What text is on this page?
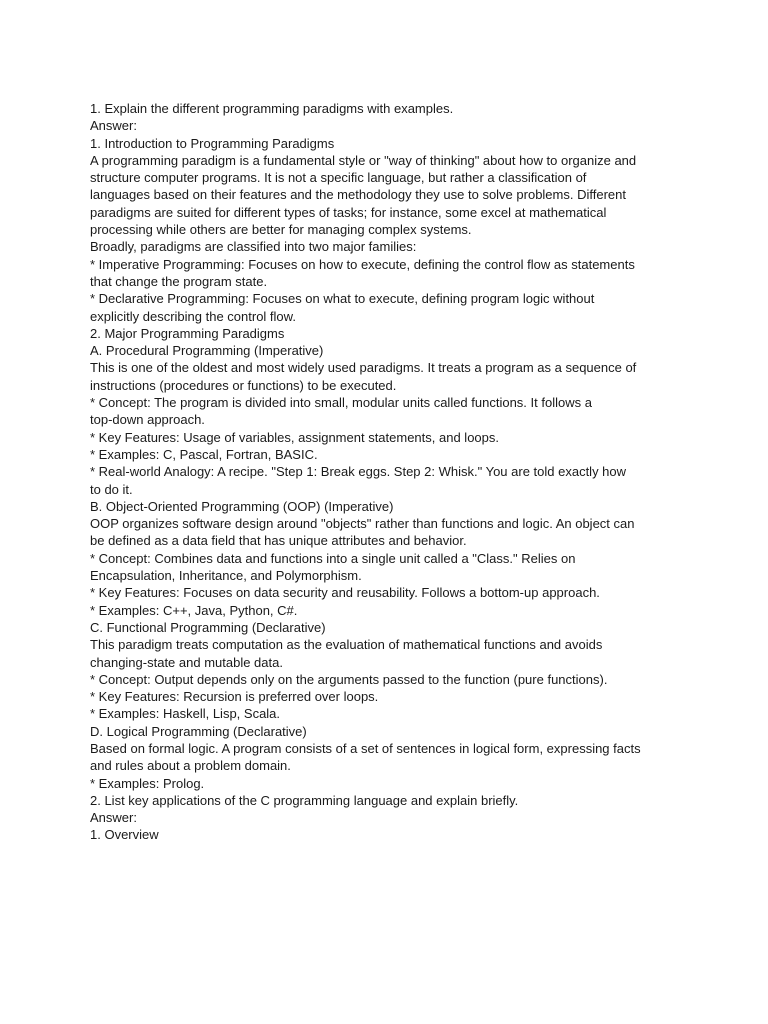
1. Explain the different programming paradigms with examples.

Answer:

1. Introduction to Programming Paradigms

A programming paradigm is a fundamental style or "way of thinking" about how to organize and

structure computer programs. It is not a specific language, but rather a classification of

languages based on their features and the methodology they use to solve problems. Different

paradigms are suited for different types of tasks; for instance, some excel at mathematical

processing while others are better for managing complex systems.

Broadly, paradigms are classified into two major families:

* Imperative Programming: Focuses on how to execute, defining the control flow as statements

that change the program state.

* Declarative Programming: Focuses on what to execute, defining program logic without

explicitly describing the control flow.

2. Major Programming Paradigms

A. Procedural Programming (Imperative)

This is one of the oldest and most widely used paradigms. It treats a program as a sequence of

instructions (procedures or functions) to be executed.

* Concept: The program is divided into small, modular units called functions. It follows a

top-down approach.

* Key Features: Usage of variables, assignment statements, and loops.

* Examples: C, Pascal, Fortran, BASIC.

* Real-world Analogy: A recipe. "Step 1: Break eggs. Step 2: Whisk." You are told exactly how

to do it.

B. Object-Oriented Programming (OOP) (Imperative)

OOP organizes software design around "objects" rather than functions and logic. An object can

be defined as a data field that has unique attributes and behavior.

* Concept: Combines data and functions into a single unit called a "Class." Relies on

Encapsulation, Inheritance, and Polymorphism.

* Key Features: Focuses on data security and reusability. Follows a bottom-up approach.

* Examples: C++, Java, Python, C#.

C. Functional Programming (Declarative)

This paradigm treats computation as the evaluation of mathematical functions and avoids

changing-state and mutable data.

* Concept: Output depends only on the arguments passed to the function (pure functions).

* Key Features: Recursion is preferred over loops.

* Examples: Haskell, Lisp, Scala.

D. Logical Programming (Declarative)

Based on formal logic. A program consists of a set of sentences in logical form, expressing facts

and rules about a problem domain.

* Examples: Prolog.

2. List key applications of the C programming language and explain briefly.

Answer:

1. Overview
